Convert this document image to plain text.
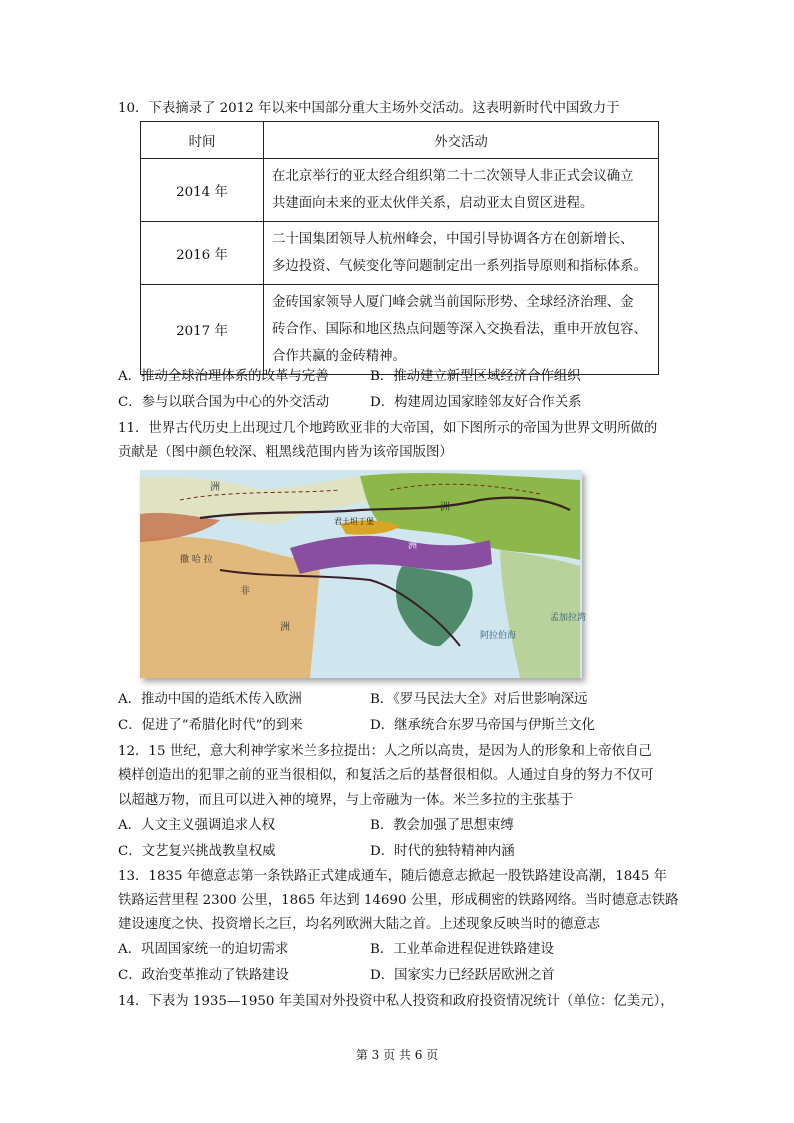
10．下表摘录了 2012 年以来中国部分重大主场外交活动。这表明新时代中国致力于
时间	外交活动
2014 年	在北京举行的亚太经合组织第二十二次领导人非正式会议确立
共建面向未来的亚太伙伴关系，启动亚太自贸区进程。

2016 年	二十国集团领导人杭州峰会，中国引导协调各方在创新增长、
多边投资、气候变化等问题制定出一系列指导原则和指标体系。

2017 年	金砖国家领导人厦门峰会就当前国际形势、全球经济治理、金
砖合作、国际和地区热点问题等深入交换看法，重申开放包容、
合作共赢的金砖精神。
A．推动全球治理体系的改革与完善	B．推动建立新型区域经济合作组织
C．参与以联合国为中心的外交活动	D．构建周边国家睦邻友好合作关系
11．世界古代历史上出现过几个地跨欧亚非的大帝国，如下图所示的帝国为世界文明所做的
贡献是（图中颜色较深、粗黑线范围内皆为该帝国版图）
洲
君士坦丁堡
洲
洲
撒 哈 拉
非
洲
阿拉伯海
孟加拉湾
A．推动中国的造纸术传入欧洲	B．《罗马民法大全》对后世影响深远
C．促进了“希腊化时代”的到来	D．继承统合东罗马帝国与伊斯兰文化
12．15 世纪，意大利神学家米兰多拉提出：人之所以高贵，是因为人的形象和上帝依自己
模样创造出的犯罪之前的亚当很相似，和复活之后的基督很相似。人通过自身的努力不仅可
以超越万物，而且可以进入神的境界，与上帝融为一体。米兰多拉的主张基于
A．人文主义强调追求人权	B．教会加强了思想束缚
C．文艺复兴挑战教皇权威	D．时代的独特精神内涵
13．1835 年德意志第一条铁路正式建成通车，随后德意志掀起一股铁路建设高潮，1845 年
铁路运营里程 2300 公里，1865 年达到 14690 公里，形成稠密的铁路网络。当时德意志铁路
建设速度之快、投资增长之巨，均名列欧洲大陆之首。上述现象反映当时的德意志
A．巩固国家统一的迫切需求	B．工业革命进程促进铁路建设
C．政治变革推动了铁路建设	D．国家实力已经跃居欧洲之首
14．下表为 1935—1950 年美国对外投资中私人投资和政府投资情况统计（单位：亿美元），
第 3 页 共 6 页
